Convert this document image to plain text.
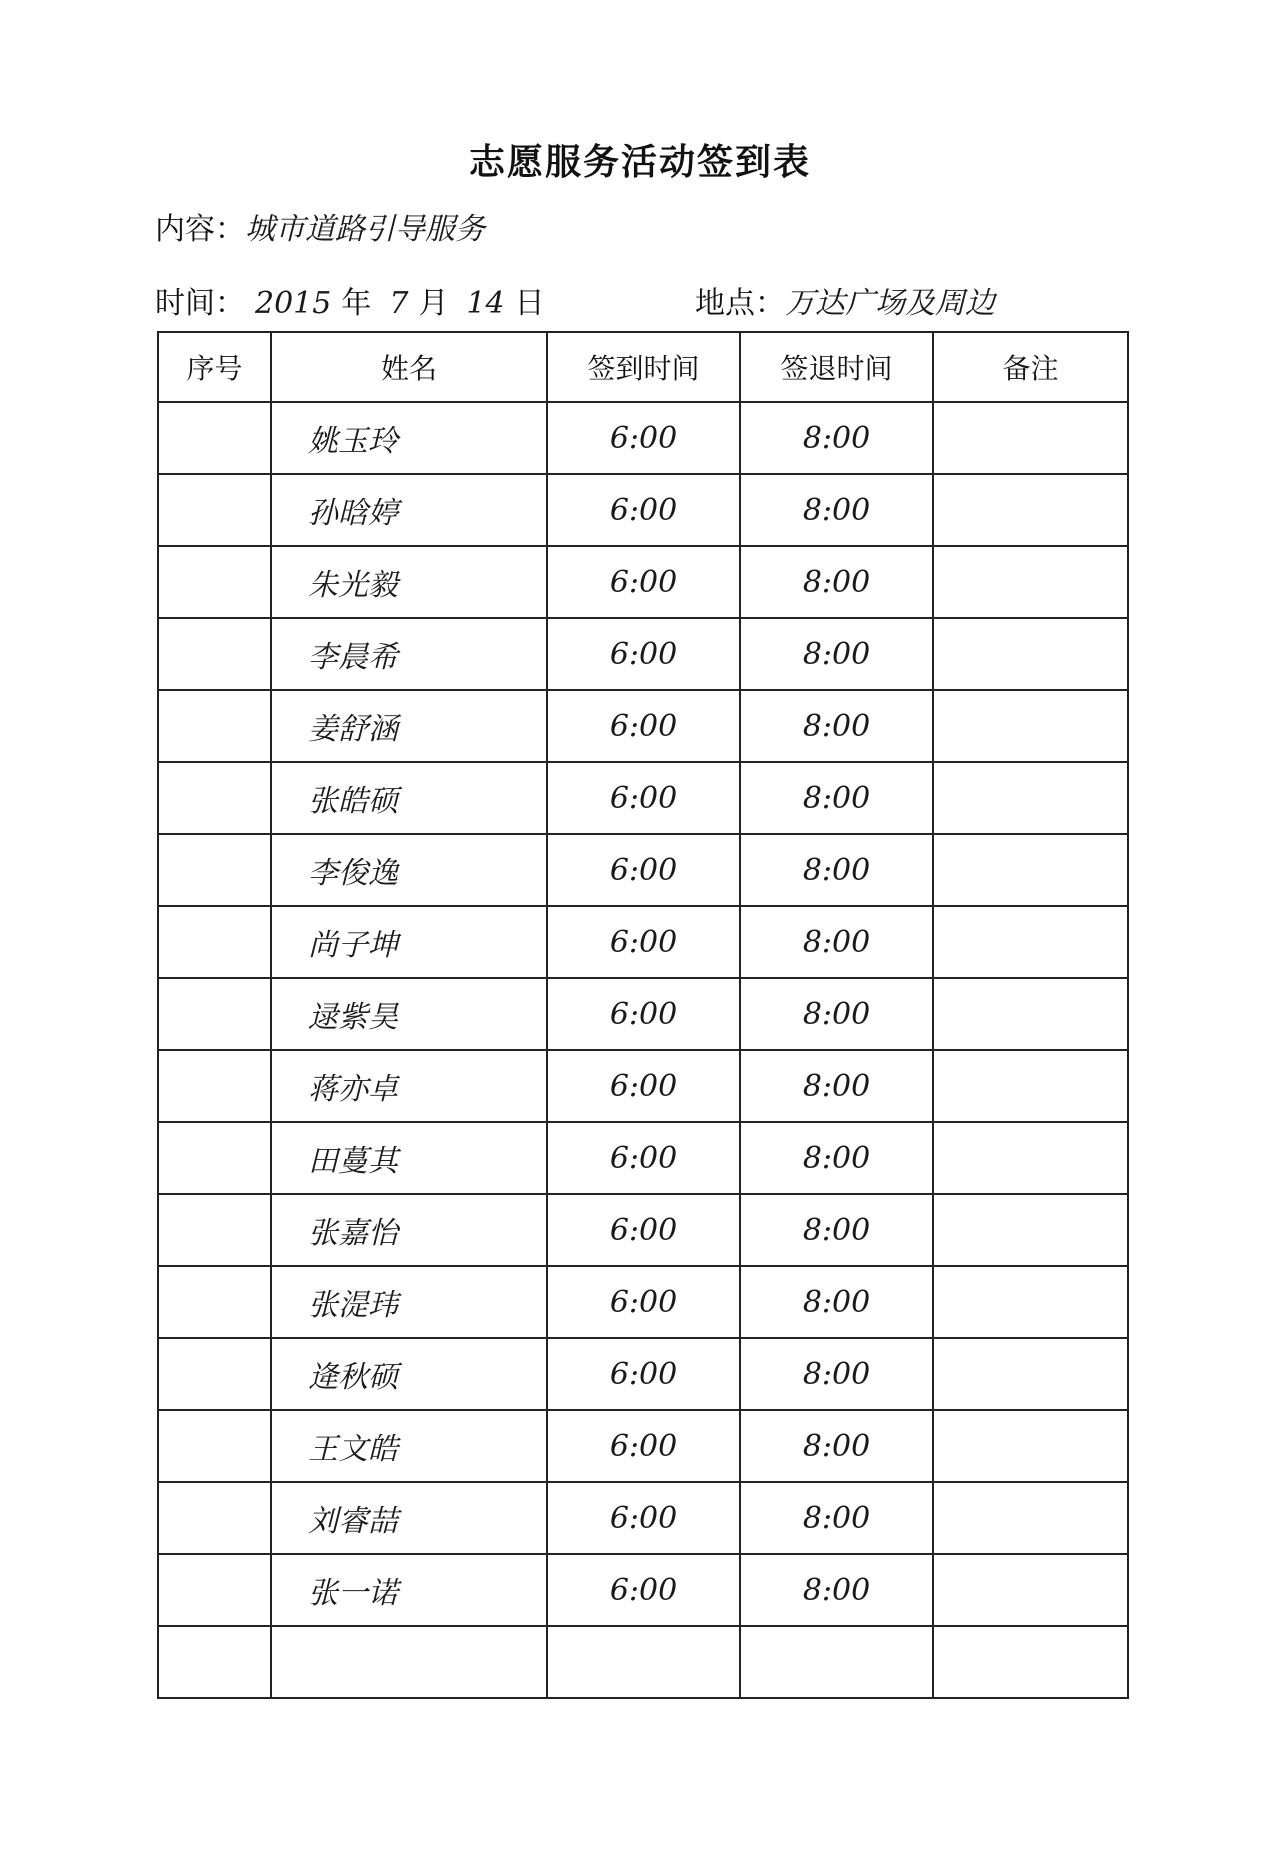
志愿服务活动签到表
内容：城市道路引导服务
时间： 2015 年 7 月 14 日	地点：万达广场及周边
序号	姓名	签到时间	签退时间	备注
	姚玉玲	6:00	8:00	
	孙晗婷	6:00	8:00	
	朱光毅	6:00	8:00	
	李晨希	6:00	8:00	
	姜舒涵	6:00	8:00	
	张皓硕	6:00	8:00	
	李俊逸	6:00	8:00	
	尚子坤	6:00	8:00	
	逯紫昊	6:00	8:00	
	蒋亦卓	6:00	8:00	
	田蔓其	6:00	8:00	
	张嘉怡	6:00	8:00	
	张湜玮	6:00	8:00	
	逄秋硕	6:00	8:00	
	王文皓	6:00	8:00	
	刘睿喆	6:00	8:00	
	张一诺	6:00	8:00	
